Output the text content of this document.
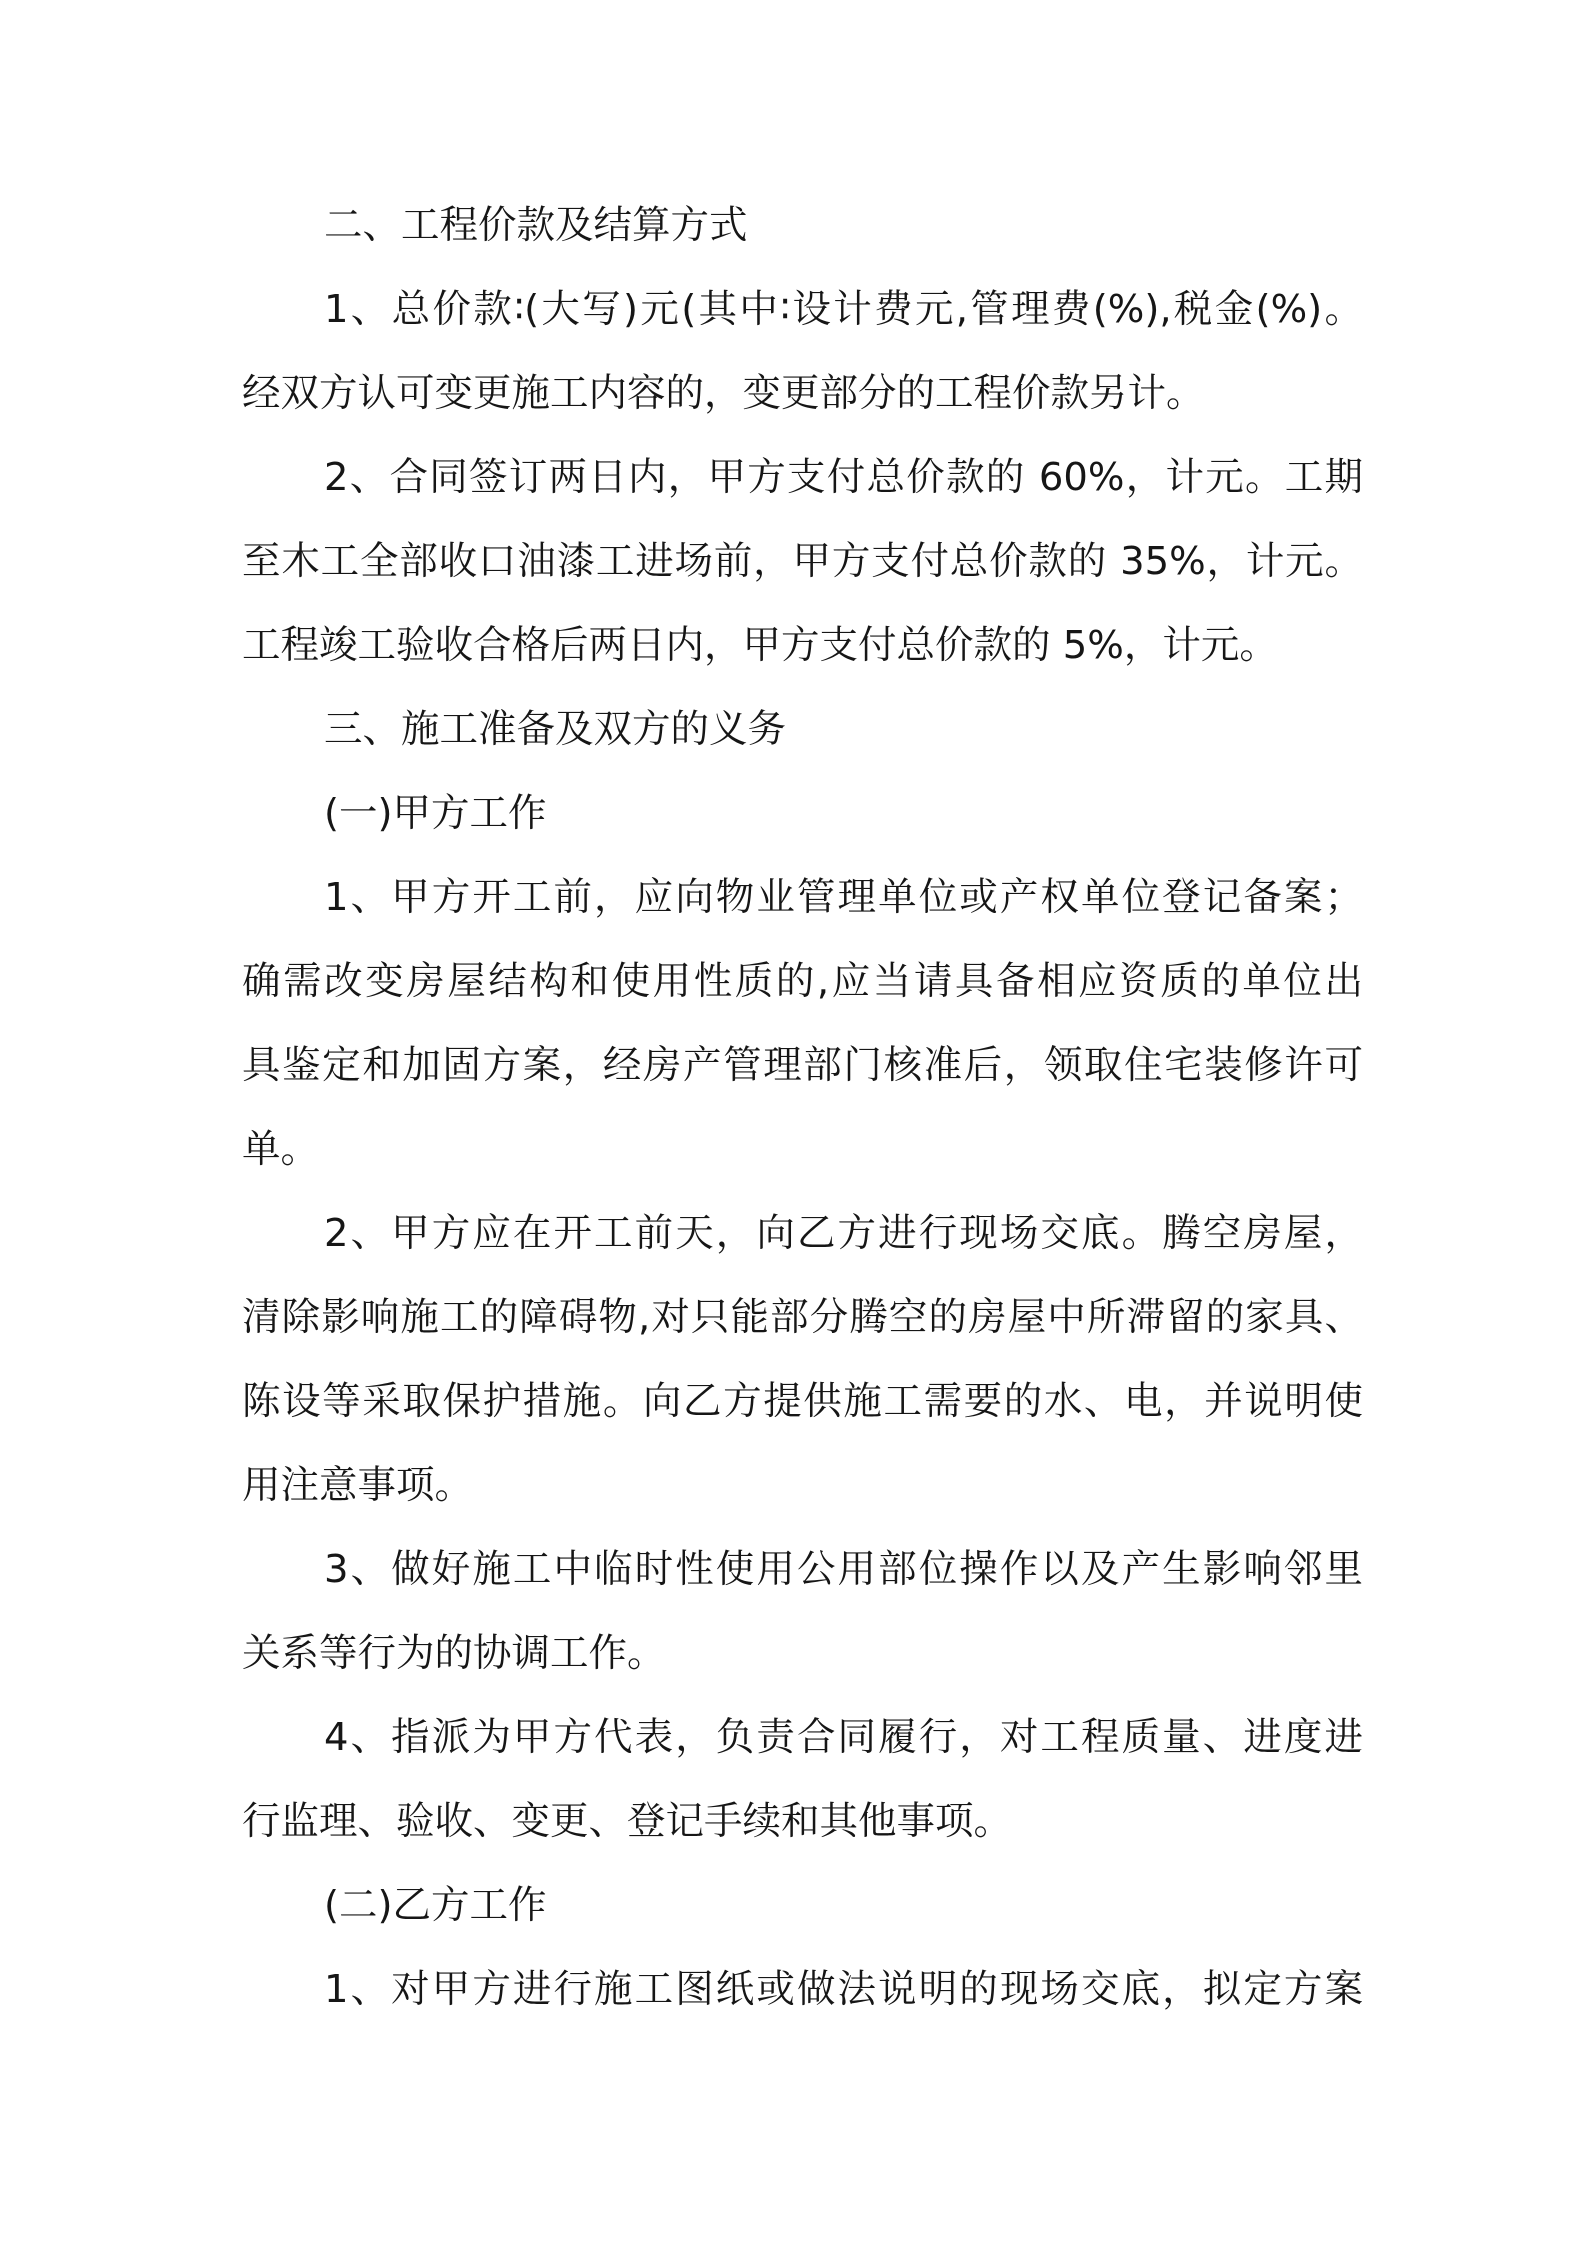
二、工程价款及结算方式

1、总价款∶(大写)元(其中∶设计费元,管理费(%),税金(%)。

经双方认可变更施工内容的，变更部分的工程价款另计。

2、合同签订两日内，甲方支付总价款的 60%，计元。工期

至木工全部收口油漆工进场前，甲方支付总价款的 35%，计元。

工程竣工验收合格后两日内，甲方支付总价款的 5%，计元。

三、施工准备及双方的义务

(一)甲方工作

1、甲方开工前，应向物业管理单位或产权单位登记备案；

确需改变房屋结构和使用性质的,应当请具备相应资质的单位出

具鉴定和加固方案，经房产管理部门核准后，领取住宅装修许可

单。

2、甲方应在开工前天，向乙方进行现场交底。腾空房屋，

清除影响施工的障碍物,对只能部分腾空的房屋中所滞留的家具、

陈设等采取保护措施。向乙方提供施工需要的水、电，并说明使

用注意事项。

3、做好施工中临时性使用公用部位操作以及产生影响邻里

关系等行为的协调工作。

4、指派为甲方代表，负责合同履行，对工程质量、进度进

行监理、验收、变更、登记手续和其他事项。

(二)乙方工作

1、对甲方进行施工图纸或做法说明的现场交底，拟定方案
